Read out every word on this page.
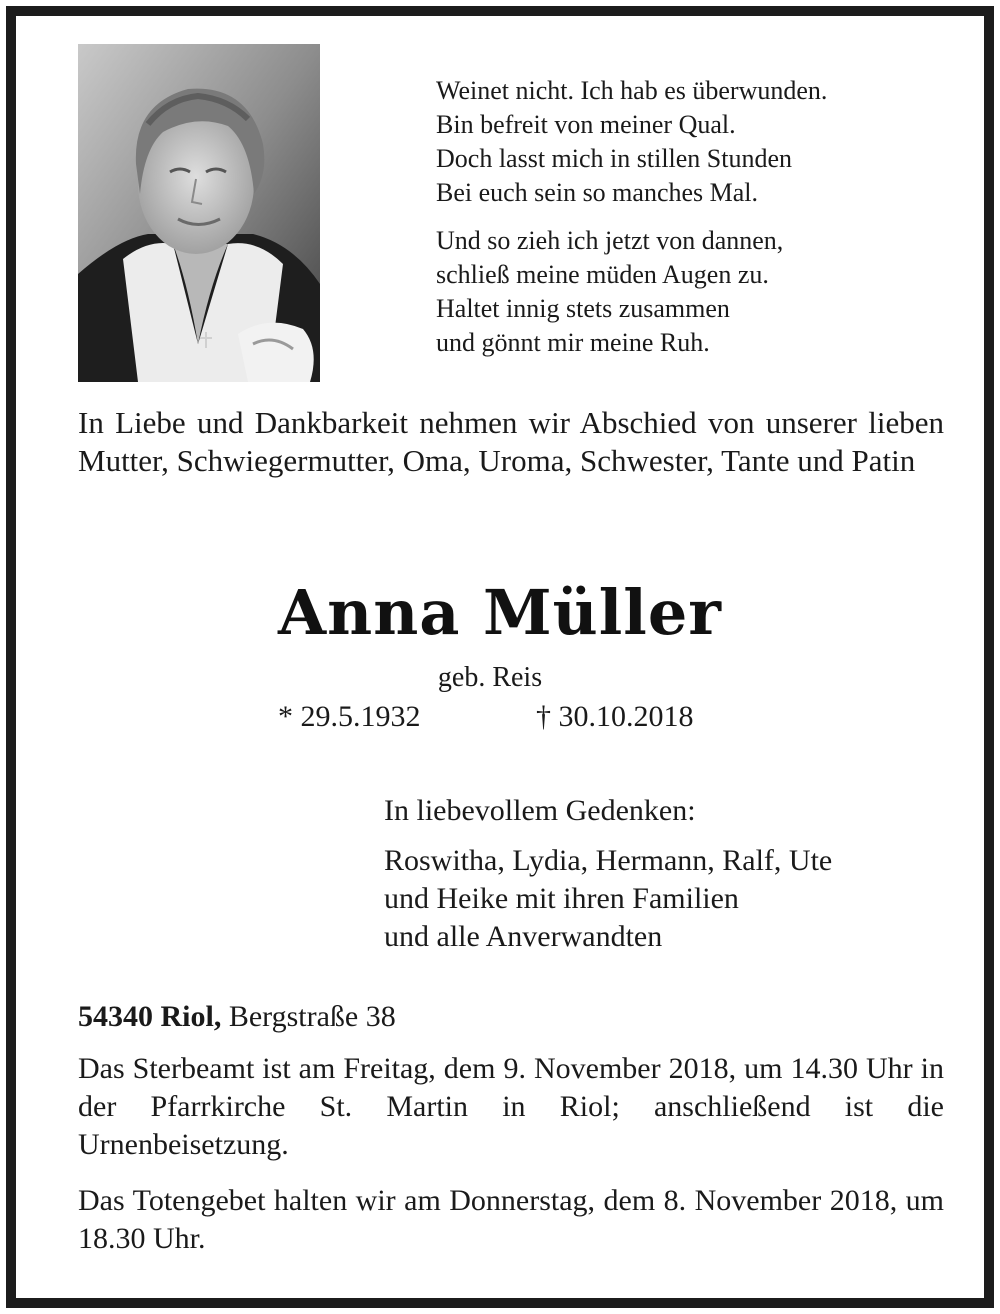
Weinet nicht. Ich hab es überwunden.
Bin befreit von meiner Qual.
Doch lasst mich in stillen Stunden
Bei euch sein so manches Mal.
Und so zieh ich jetzt von dannen,
schließ meine müden Augen zu.
Haltet innig stets zusammen
und gönnt mir meine Ruh.
In Liebe und Dankbarkeit nehmen wir Abschied von unserer lieben Mutter, Schwiegermutter, Oma, Uroma, Schwester, Tante und Patin
Anna Müller
geb. Reis
* 29.5.1932	† 30.10.2018
In liebevollem Gedenken:
Roswitha, Lydia, Hermann, Ralf, Ute
und Heike mit ihren Familien
und alle Anverwandten
54340 Riol, Bergstraße 38
Das Sterbeamt ist am Freitag, dem 9. November 2018, um 14.30 Uhr in der Pfarrkirche St. Martin in Riol; anschließend ist die Urnenbeisetzung.
Das Totengebet halten wir am Donnerstag, dem 8. November 2018, um 18.30 Uhr.
